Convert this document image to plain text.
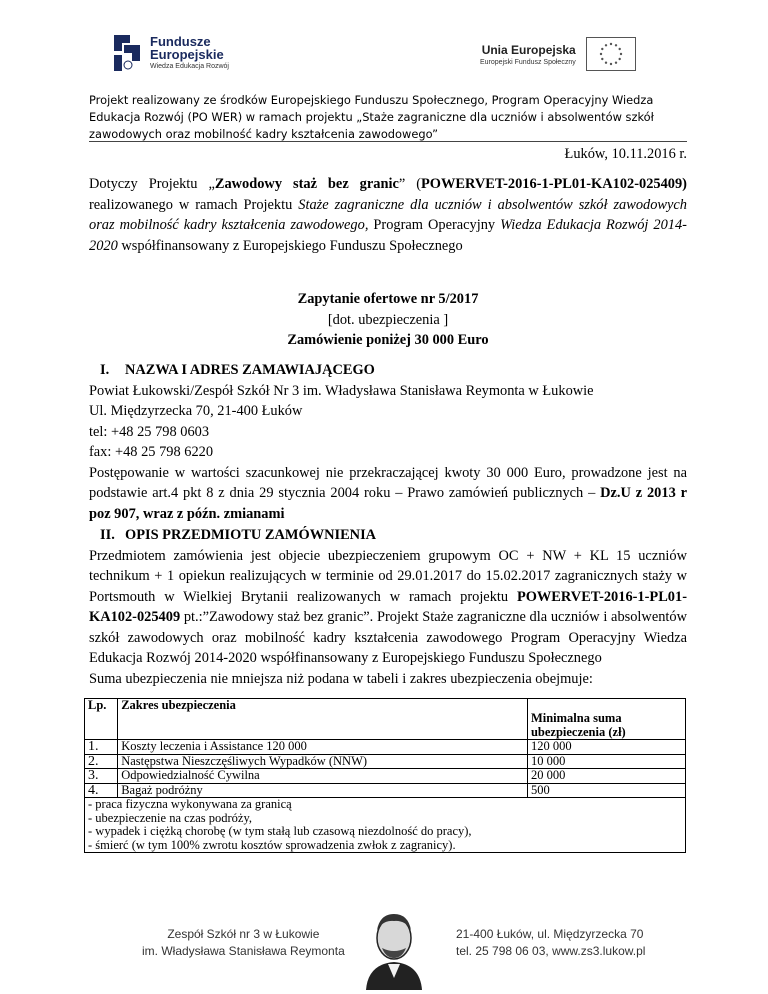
Fundusze
Europejskie
Wiedza Edukacja Rozwój
Unia Europejska
Europejski Fundusz Społeczny
Projekt realizowany ze środków Europejskiego Funduszu Społecznego, Program Operacyjny Wiedza Edukacja Rozwój (PO WER) w ramach projektu „Staże zagraniczne dla uczniów i absolwentów szkół zawodowych oraz mobilność kadry kształcenia zawodowego”
Łuków, 10.11.2016 r.
Dotyczy Projektu „Zawodowy staż bez granic” (POWERVET-2016-1-PL01-KA102-025409) realizowanego w ramach Projektu Staże zagraniczne dla uczniów i absolwentów szkół zawodowych oraz mobilność kadry kształcenia zawodowego, Program Operacyjny Wiedza Edukacja Rozwój 2014-2020 współfinansowany z Europejskiego Funduszu Społecznego
Zapytanie ofertowe nr 5/2017
[dot. ubezpieczenia ]
Zamówienie poniżej 30 000 Euro
I. NAZWA I ADRES ZAMAWIAJĄCEGO
Powiat Łukowski/Zespół Szkół Nr 3 im. Władysława Stanisława Reymonta w Łukowie
Ul. Międzyrzecka 70, 21-400 Łuków
tel: +48 25 798 0603
fax: +48 25 798 6220
Postępowanie w wartości szacunkowej nie przekraczającej kwoty 30 000 Euro, prowadzone jest na podstawie art.4 pkt 8 z dnia 29 stycznia 2004 roku – Prawo zamówień publicznych – Dz.U z 2013 r poz 907, wraz z późn. zmianami
II. OPIS PRZEDMIOTU ZAMÓWNIENIA
Przedmiotem zamówienia jest objecie ubezpieczeniem grupowym OC + NW + KL 15 uczniów technikum + 1 opiekun realizujących w terminie od 29.01.2017 do 15.02.2017 zagranicznych staży w Portsmouth w Wielkiej Brytanii realizowanych w ramach projektu POWERVET-2016-1-PL01-KA102-025409 pt.:”Zawodowy staż bez granic”. Projekt Staże zagraniczne dla uczniów i absolwentów szkół zawodowych oraz mobilność kadry kształcenia zawodowego Program Operacyjny Wiedza Edukacja Rozwój 2014-2020 współfinansowany z Europejskiego Funduszu Społecznego
Suma ubezpieczenia nie mniejsza niż podana w tabeli i zakres ubezpieczenia obejmuje:
Lp.	Zakres ubezpieczenia	Minimalna suma ubezpieczenia (zł)
1.	Koszty leczenia i Assistance 120 000	120 000
2.	Następstwa Nieszczęśliwych Wypadków (NNW)	10 000
3.	Odpowiedzialność Cywilna	20 000
4.	Bagaż podróżny	500

- praca fizyczna wykonywana za granicą
- ubezpieczenie na czas podróży,
- wypadek i ciężką chorobę (w tym stałą lub czasową niezdolność do pracy),
- śmierć (w tym 100% zwrotu kosztów sprowadzenia zwłok z zagranicy).		
Zespół Szkół nr 3 w Łukowie
im. Władysława Stanisława Reymonta
21-400 Łuków, ul. Międzyrzecka 70
tel. 25 798 06 03, www.zs3.lukow.pl
